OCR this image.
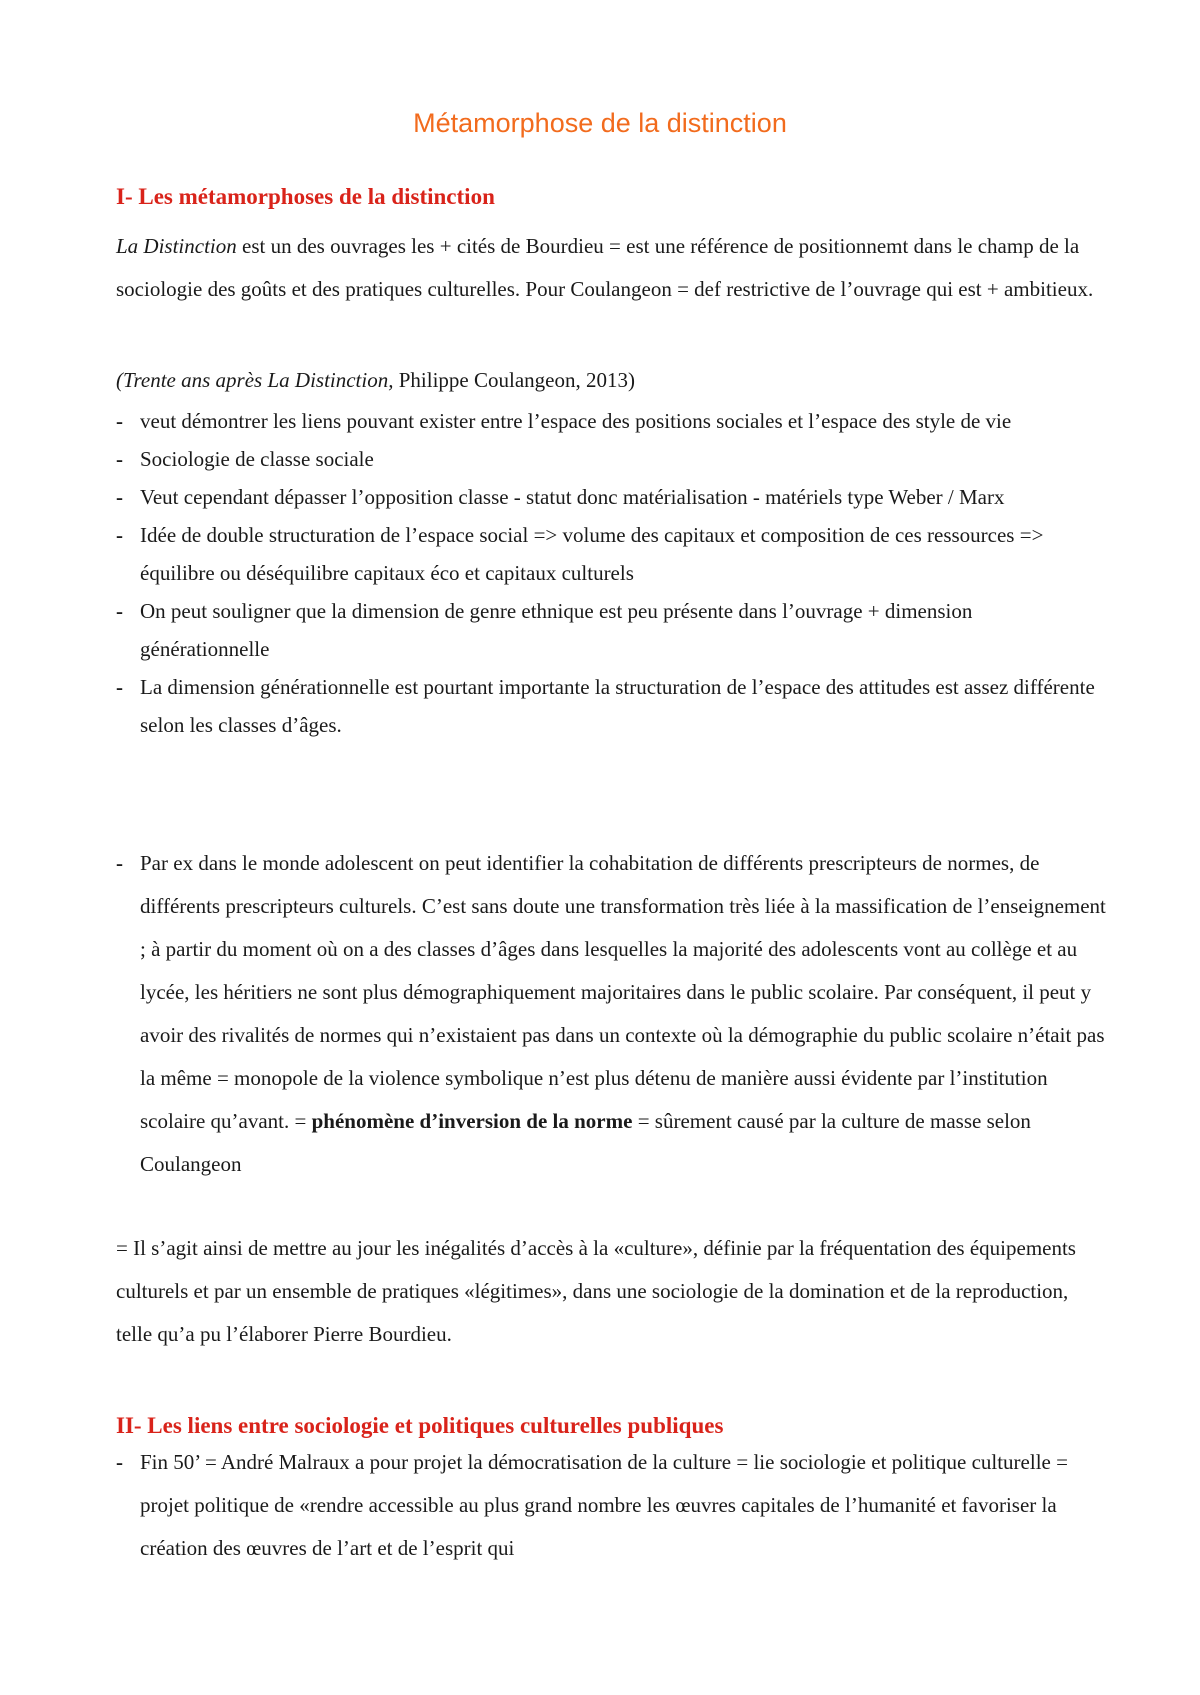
Métamorphose de la distinction
I- Les métamorphoses de la distinction

La Distinction est un des ouvrages les + cités de Bourdieu = est une référence de positionnemt dans le champ de la sociologie des goûts et des pratiques culturelles. Pour Coulangeon = def restrictive de l’ouvrage qui est + ambitieux.

(Trente ans après La Distinction, Philippe Coulangeon, 2013)

- veut démontrer les liens pouvant exister entre l’espace des positions sociales et l’espace des style de vie
- Sociologie de classe sociale
- Veut cependant dépasser l’opposition classe - statut donc matérialisation - matériels type Weber / Marx
- Idée de double structuration de l’espace social => volume des capitaux et composition de ces ressources => équilibre ou déséquilibre capitaux éco et capitaux culturels
- On peut souligner que la dimension de genre ethnique est peu présente dans l’ouvrage + dimension générationnelle
- La dimension générationnelle est pourtant importante la structuration de l’espace des attitudes est assez différente selon les classes d’âges.
- Par ex dans le monde adolescent on peut identifier la cohabitation de différents prescripteurs de normes, de différents prescripteurs culturels. C’est sans doute une transformation très liée à la massification de l’enseignement ; à partir du moment où on a des classes d’âges dans lesquelles la majorité des adolescents vont au collège et au lycée, les héritiers ne sont plus démographiquement majoritaires dans le public scolaire. Par conséquent, il peut y avoir des rivalités de normes qui n’existaient pas dans un contexte où la démographie du public scolaire n’était pas la même = monopole de la violence symbolique n’est plus détenu de manière aussi évidente par l’institution scolaire qu’avant. = phénomène d’inversion de la norme = sûrement causé par la culture de masse selon Coulangeon

= Il s’agit ainsi de mettre au jour les inégalités d’accès à la «culture», définie par la fréquentation des équipements culturels et par un ensemble de pratiques «légitimes», dans une sociologie de la domination et de la reproduction, telle qu’a pu l’élaborer Pierre Bourdieu.

II- Les liens entre sociologie et politiques culturelles publiques
- Fin 50’ = André Malraux a pour projet la démocratisation de la culture = lie sociologie et politique culturelle = projet politique de «rendre accessible au plus grand nombre les œuvres capitales de l’humanité et favoriser la création des œuvres de l’art et de l’esprit qui
